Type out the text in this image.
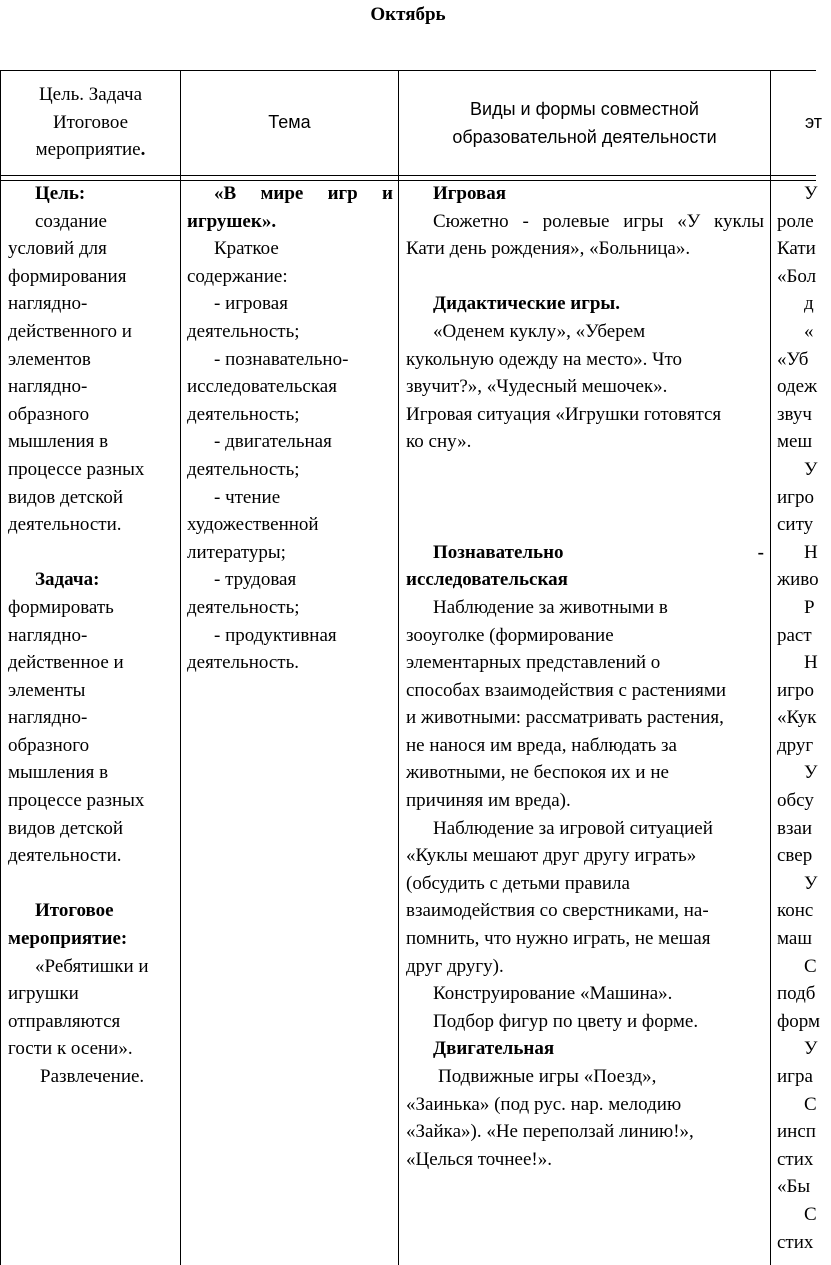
Октябрь
Цель. Задача
Итоговое
мероприятие.
Тема
Виды и формы совместной
образовательной деятельности
эт

Цель:

создание

условий для

формирования

наглядно-

действенного и

элементов

наглядно-

образного

мышления в

процессе разных

видов детской

деятельности.

Задача:

формировать

наглядно-

действенное и

элементы

наглядно-

образного

мышления в

процессе разных

видов детской

деятельности.

Итоговое

мероприятие:

«Ребятишки и

игрушки

отправляются

гости к осени».

Развлечение.

«В мире игр и

игрушек».

Краткое

содержание:

- игровая

деятельность;

- познавательно-

исследовательская

деятельность;

- двигательная

деятельность;

- чтение

художественной

литературы;

- трудовая

деятельность;

- продуктивная

деятельность.

Игровая

Сюжетно - ролевые игры «У куклы

Кати день рождения», «Больница».

Дидактические игры.

«Оденем куклу», «Уберем

кукольную одежду на место». Что

звучит?», «Чудесный мешочек».

Игровая ситуация «Игрушки готовятся

ко сну».

Познавательно	-

исследовательская

Наблюдение за животными в

зооуголке (формирование

элементарных представлений о

способах взаимодействия с растениями

и животными: рассматривать растения,

не нанося им вреда, наблюдать за

животными, не беспокоя их и не

причиняя им вреда).

Наблюдение за игровой ситуацией

«Куклы мешают друг другу играть»

(обсудить с детьми правила

взаимодействия со сверстниками, на-

помнить, что нужно играть, не мешая

друг другу).

Конструирование «Машина».

Подбор фигур по цвету и форме.

Двигательная

Подвижные игры «Поезд»,

«Заинька» (под рус. нар. мелодию

«Зайка»). «Не переползай линию!»,

«Целься точнее!».

У

роле

Кати

«Бол

д

«

«Уб

одеж

звуч

меш

У

игро

ситу

Н

живо

Р

раст

Н

игро

«Кук

друг

У

обсу

взаи

свер

У

конс

маш

С

подб

форм

У

игра

С

инсп

стих

«Бы

С

стих
